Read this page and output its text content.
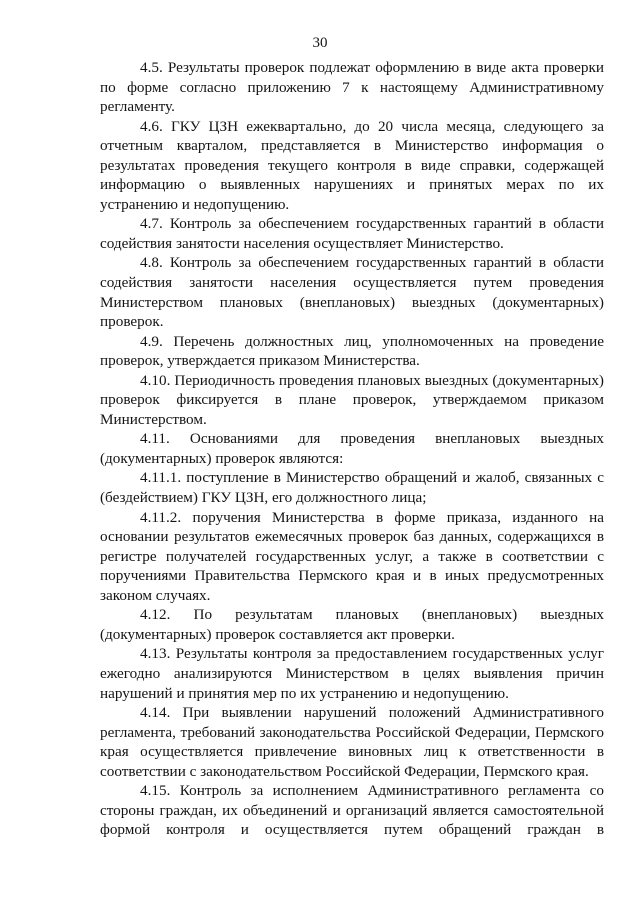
30

4.5. Результаты проверок подлежат оформлению в виде акта проверки по форме согласно приложению 7 к настоящему Административному регламенту.

4.6. ГКУ ЦЗН ежеквартально, до 20 числа месяца, следующего за отчетным кварталом, представляется в Министерство информация о результатах проведения текущего контроля в виде справки, содержащей информацию о выявленных нарушениях и принятых мерах по их устранению и недопущению.

4.7. Контроль за обеспечением государственных гарантий в области содействия занятости населения осуществляет Министерство.

4.8. Контроль за обеспечением государственных гарантий в области содействия занятости населения осуществляется путем проведения Министерством плановых (внеплановых) выездных (документарных) проверок.

4.9. Перечень должностных лиц, уполномоченных на проведение проверок, утверждается приказом Министерства.

4.10. Периодичность проведения плановых выездных (документарных) проверок фиксируется в плане проверок, утверждаемом приказом Министерством.

4.11. Основаниями для проведения внеплановых выездных (документарных) проверок являются:

4.11.1. поступление в Министерство обращений и жалоб, связанных с (бездействием) ГКУ ЦЗН, его должностного лица;

4.11.2. поручения Министерства в форме приказа, изданного на основании результатов ежемесячных проверок баз данных, содержащихся в регистре получателей государственных услуг, а также в соответствии с поручениями Правительства Пермского края и в иных предусмотренных законом случаях.

4.12. По результатам плановых (внеплановых) выездных (документарных) проверок составляется акт проверки.

4.13. Результаты контроля за предоставлением государственных услуг ежегодно анализируются Министерством в целях выявления причин нарушений и принятия мер по их устранению и недопущению.

4.14. При выявлении нарушений положений Административного регламента, требований законодательства Российской Федерации, Пермского края осуществляется привлечение виновных лиц к ответственности в соответствии с законодательством Российской Федерации, Пермского края.

4.15. Контроль за исполнением Административного регламента со стороны граждан, их объединений и организаций является самостоятельной формой контроля и осуществляется путем обращений граждан в
